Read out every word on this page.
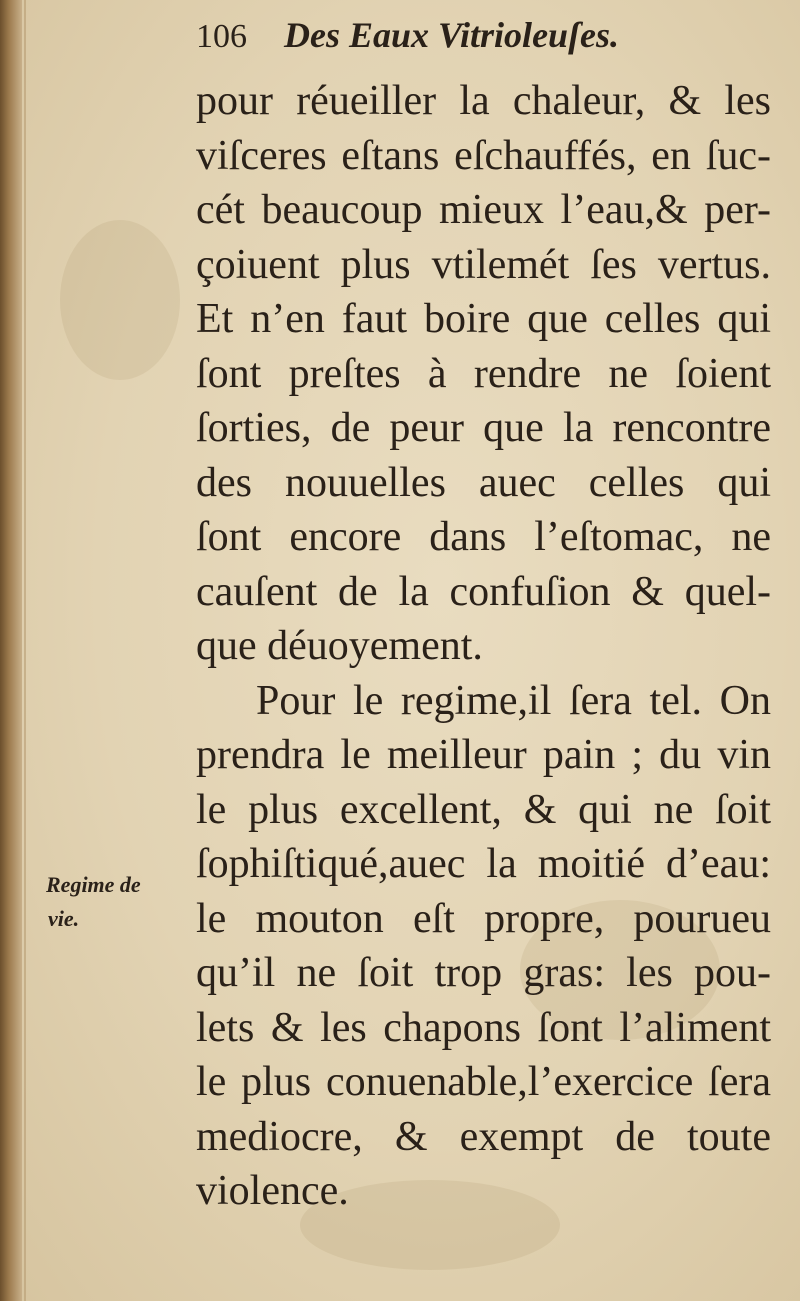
106 Des Eaux Vitrioleuſes.
pour réueiller la chaleur, & les
viſceres eſtans eſchauffés, en ſuc-
cét beaucoup mieux l’eau,& per-
çoiuent plus vtilemét ſes vertus.
Et n’en faut boire que celles qui
ſont preſtes à rendre ne ſoient
ſorties, de peur que la rencontre
des nouuelles auec celles qui
ſont encore dans l’eſtomac, ne
cauſent de la confuſion & quel-
que déuoyement.
Pour le regime,il ſera tel. On
prendra le meilleur pain ; du vin
le plus excellent, & qui ne ſoit
ſophiſtiqué,auec la moitié d’eau:
le mouton eſt propre, pourueu
qu’il ne ſoit trop gras: les pou-
lets & les chapons ſont l’aliment
le plus conuenable,l’exercice ſera
mediocre, & exempt de toute
violence.
Regime de
vie.
